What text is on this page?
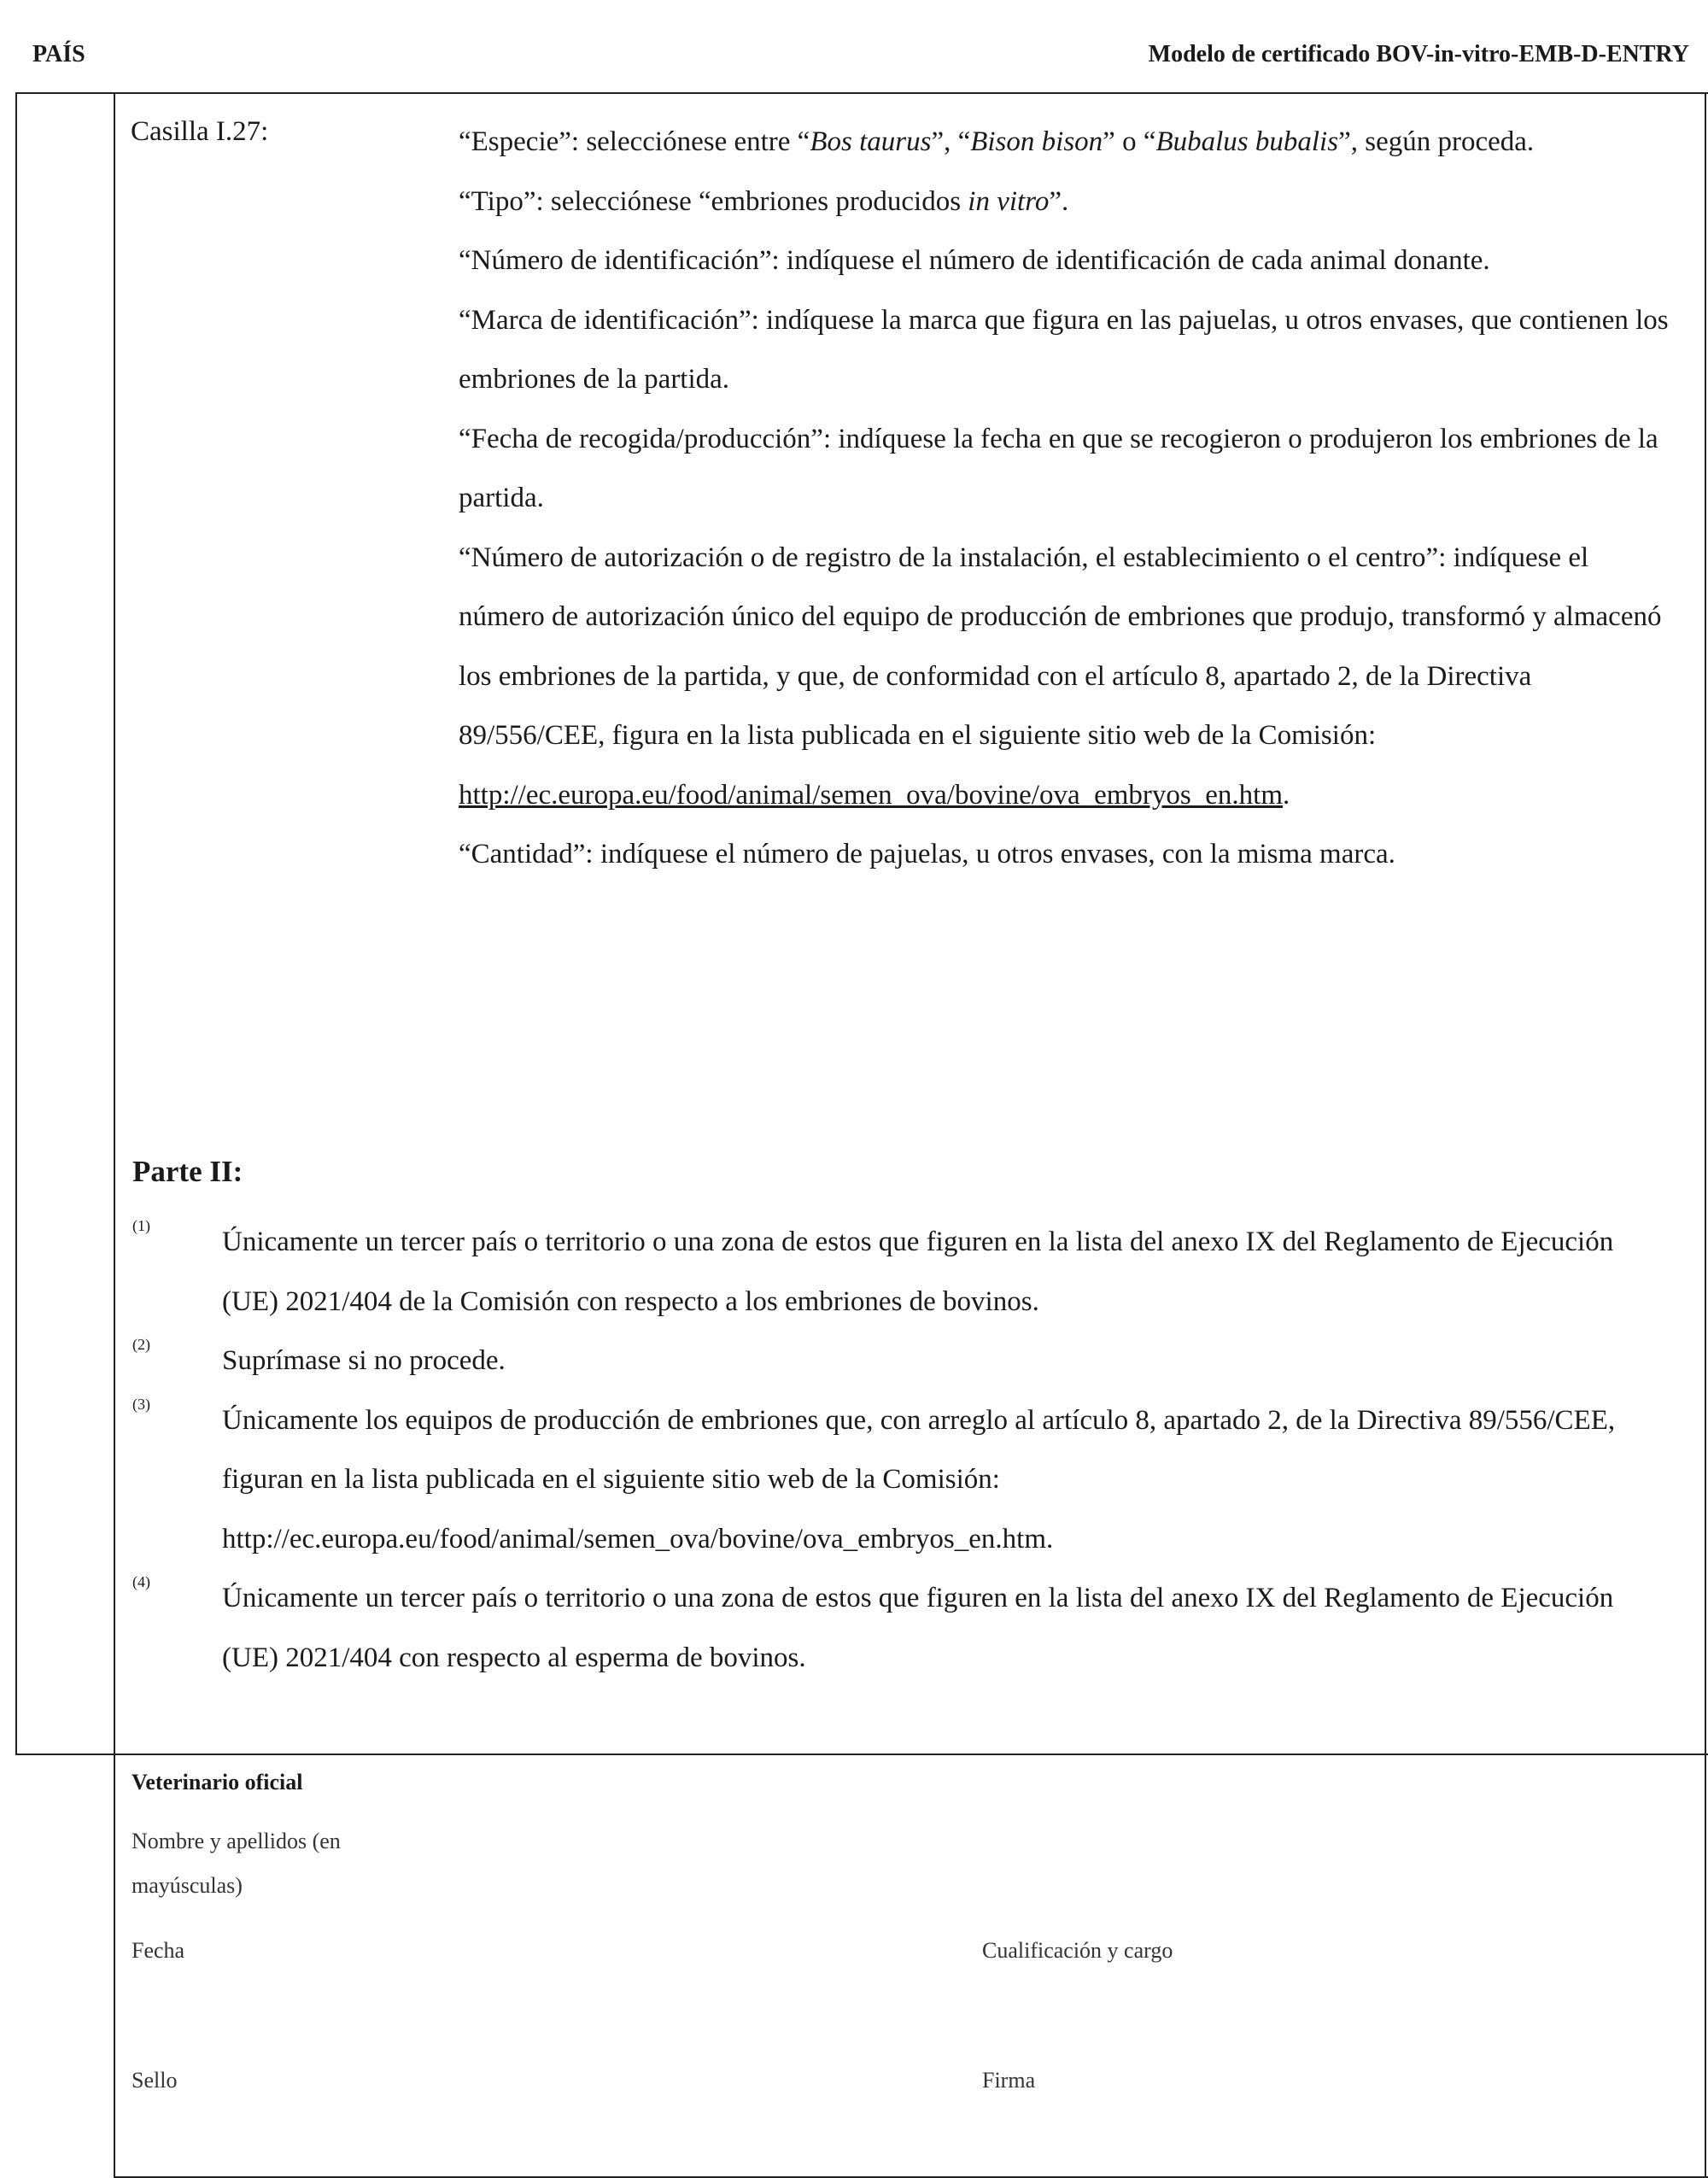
PAÍS	Modelo de certificado BOV-in-vitro-EMB-D-ENTRY
Casilla I.27:	“Especie”: selecciónese entre “Bos taurus”, “Bison bison” o “Bubalus bubalis”, según proceda.

“Tipo”: selecciónese “embriones producidos in vitro”.

“Número de identificación”: indíquese el número de identificación de cada animal donante.

“Marca de identificación”: indíquese la marca que figura en las pajuelas, u otros envases, que contienen los embriones de la partida.

“Fecha de recogida/producción”: indíquese la fecha en que se recogieron o produjeron los embriones de la partida.

“Número de autorización o de registro de la instalación, el establecimiento o el centro”: indíquese el número de autorización único del equipo de producción de embriones que produjo, transformó y almacenó los embriones de la partida, y que, de conformidad con el artículo 8, apartado 2, de la Directiva 89/556/CEE, figura en la lista publicada en el siguiente sitio web de la Comisión:

http://ec.europa.eu/food/animal/semen_ova/bovine/ova_embryos_en.htm.

“Cantidad”: indíquese el número de pajuelas, u otros envases, con la misma marca.

Parte II:
(1)
Únicamente un tercer país o territorio o una zona de estos que figuren en la lista del anexo IX del Reglamento de Ejecución (UE) 2021/404 de la Comisión con respecto a los embriones de bovinos.
(2)
Suprímase si no procede.
(3)
Únicamente los equipos de producción de embriones que, con arreglo al artículo 8, apartado 2, de la Directiva 89/556/CEE, figuran en la lista publicada en el siguiente sitio web de la Comisión: http://ec.europa.eu/food/animal/semen_ova/bovine/ova_embryos_en.htm.
(4)
Únicamente un tercer país o territorio o una zona de estos que figuren en la lista del anexo IX del Reglamento de Ejecución (UE) 2021/404 con respecto al esperma de bovinos.
Veterinario oficial
Nombre y apellidos (en mayúsculas)
Fecha	Cualificación y cargo
Sello	Firma
